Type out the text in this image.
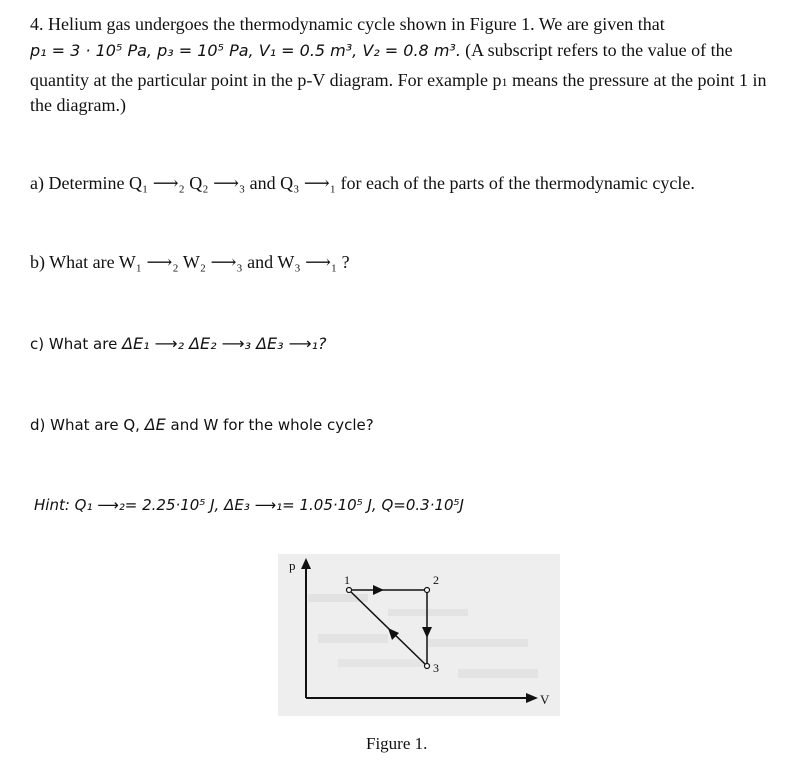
4. Helium gas undergoes the thermodynamic cycle shown in Figure 1. We are given that
p₁ = 3 · 10⁵ Pa, p₃ = 10⁵ Pa, V₁ = 0.5 m³, V₂ = 0.8 m³. (A subscript refers to the value of the
quantity at the particular point in the p-V diagram. For example p1 means the pressure at the point 1 in
the diagram.)
a) Determine Q₁ ⟶₂ Q₂ ⟶₃ and Q₃ ⟶₁ for each of the parts of the thermodynamic cycle.
b) What are W₁ ⟶₂ W₂ ⟶₃ and W₃ ⟶₁ ?
c) What are ΔE₁ ⟶₂ ΔE₂ ⟶₃ ΔE₃ ⟶₁?
d) What are Q, ΔE and W for the whole cycle?
Hint: Q₁ ⟶₂= 2.25·10⁵ J, ΔE₃ ⟶₁= 1.05·10⁵ J, Q=0.3·10⁵J
p
V
1	2
3
Figure 1.
